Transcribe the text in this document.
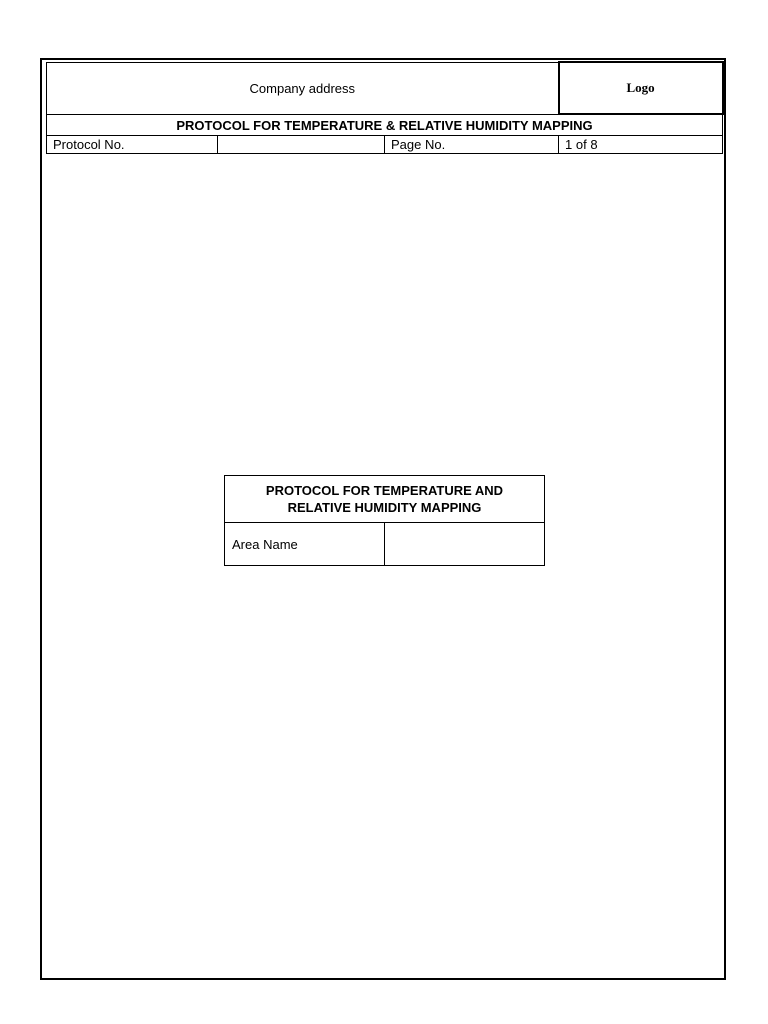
Company address			Logo
PROTOCOL FOR TEMPERATURE & RELATIVE HUMIDITY MAPPING			
Protocol No.		Page No.	1 of 8
PROTOCOL FOR TEMPERATURE AND RELATIVE HUMIDITY MAPPING
Area Name	
